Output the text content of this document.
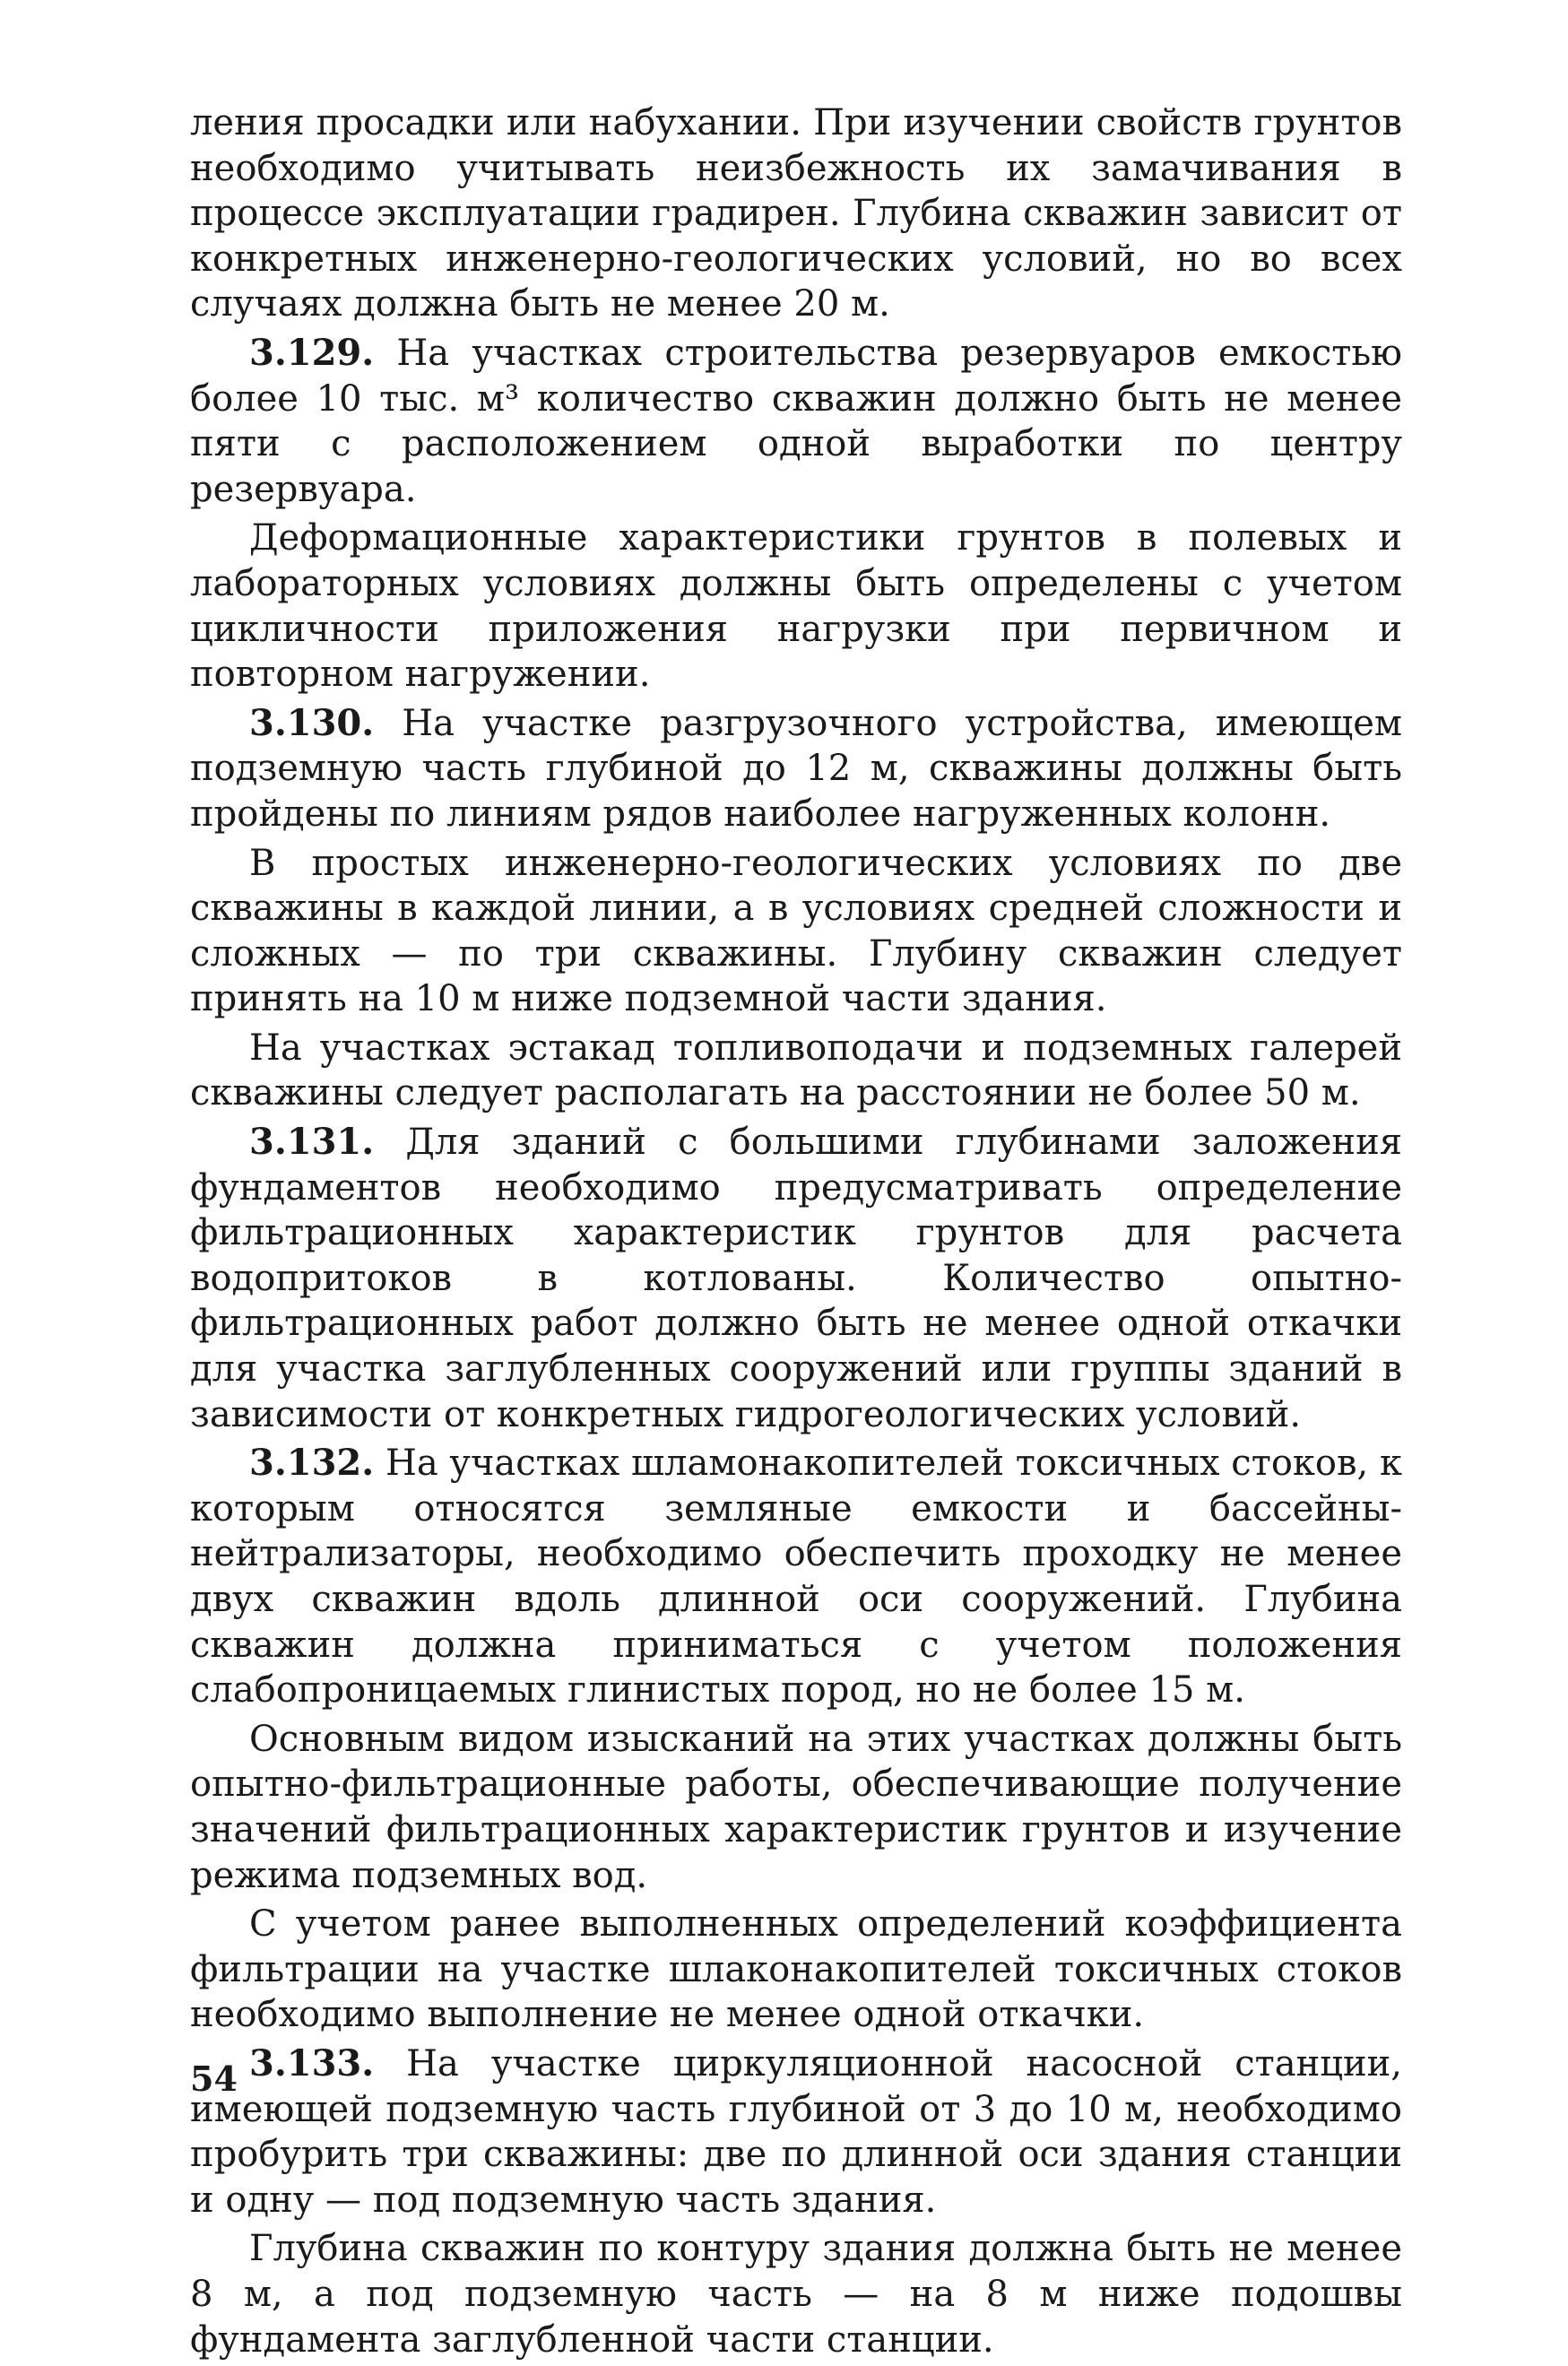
ления просадки или набухании. При изучении свойств грунтов необходимо учитывать неизбежность их замачивания в процессе эксплуатации градирен. Глубина скважин зависит от конкретных инженерно-геологических условий, но во всех случаях должна быть не менее 20 м.

3.129. На участках строительства резервуаров емкостью более 10 тыс. м³ количество скважин должно быть не менее пяти с расположением одной выработки по центру резервуара.

Деформационные характеристики грунтов в полевых и лабораторных условиях должны быть определены с учетом цикличности приложения нагрузки при первичном и повторном нагружении.

3.130. На участке разгрузочного устройства, имеющем подземную часть глубиной до 12 м, скважины должны быть пройдены по линиям рядов наиболее нагруженных колонн.

В простых инженерно-геологических условиях по две скважины в каждой линии, а в условиях средней сложности и сложных — по три скважины. Глубину скважин следует принять на 10 м ниже подземной части здания.

На участках эстакад топливоподачи и подземных галерей скважины следует располагать на расстоянии не более 50 м.

3.131. Для зданий с большими глубинами заложения фундаментов необходимо предусматривать определение фильтрационных характеристик грунтов для расчета водопритоков в котлованы. Количество опытно-фильтрационных работ должно быть не менее одной откачки для участка заглубленных сооружений или группы зданий в зависимости от конкретных гидрогеологических условий.

3.132. На участках шламонакопителей токсичных стоков, к которым относятся земляные емкости и бассейны-нейтрализаторы, необходимо обеспечить проходку не менее двух скважин вдоль длинной оси сооружений. Глубина скважин должна приниматься с учетом положения слабопроницаемых глинистых пород, но не более 15 м.

Основным видом изысканий на этих участках должны быть опытно-фильтрационные работы, обеспечивающие получение значений фильтрационных характеристик грунтов и изучение режима подземных вод.

С учетом ранее выполненных определений коэффициента фильтрации на участке шлаконакопителей токсичных стоков необходимо выполнение не менее одной откачки.

3.133. На участке циркуляционной насосной станции, имеющей подземную часть глубиной от 3 до 10 м, необходимо пробурить три скважины: две по длинной оси здания станции и одну — под подземную часть здания.

Глубина скважин по контуру здания должна быть не менее 8 м, а под подземную часть — на 8 м ниже подошвы фундамента заглубленной части станции.

54
